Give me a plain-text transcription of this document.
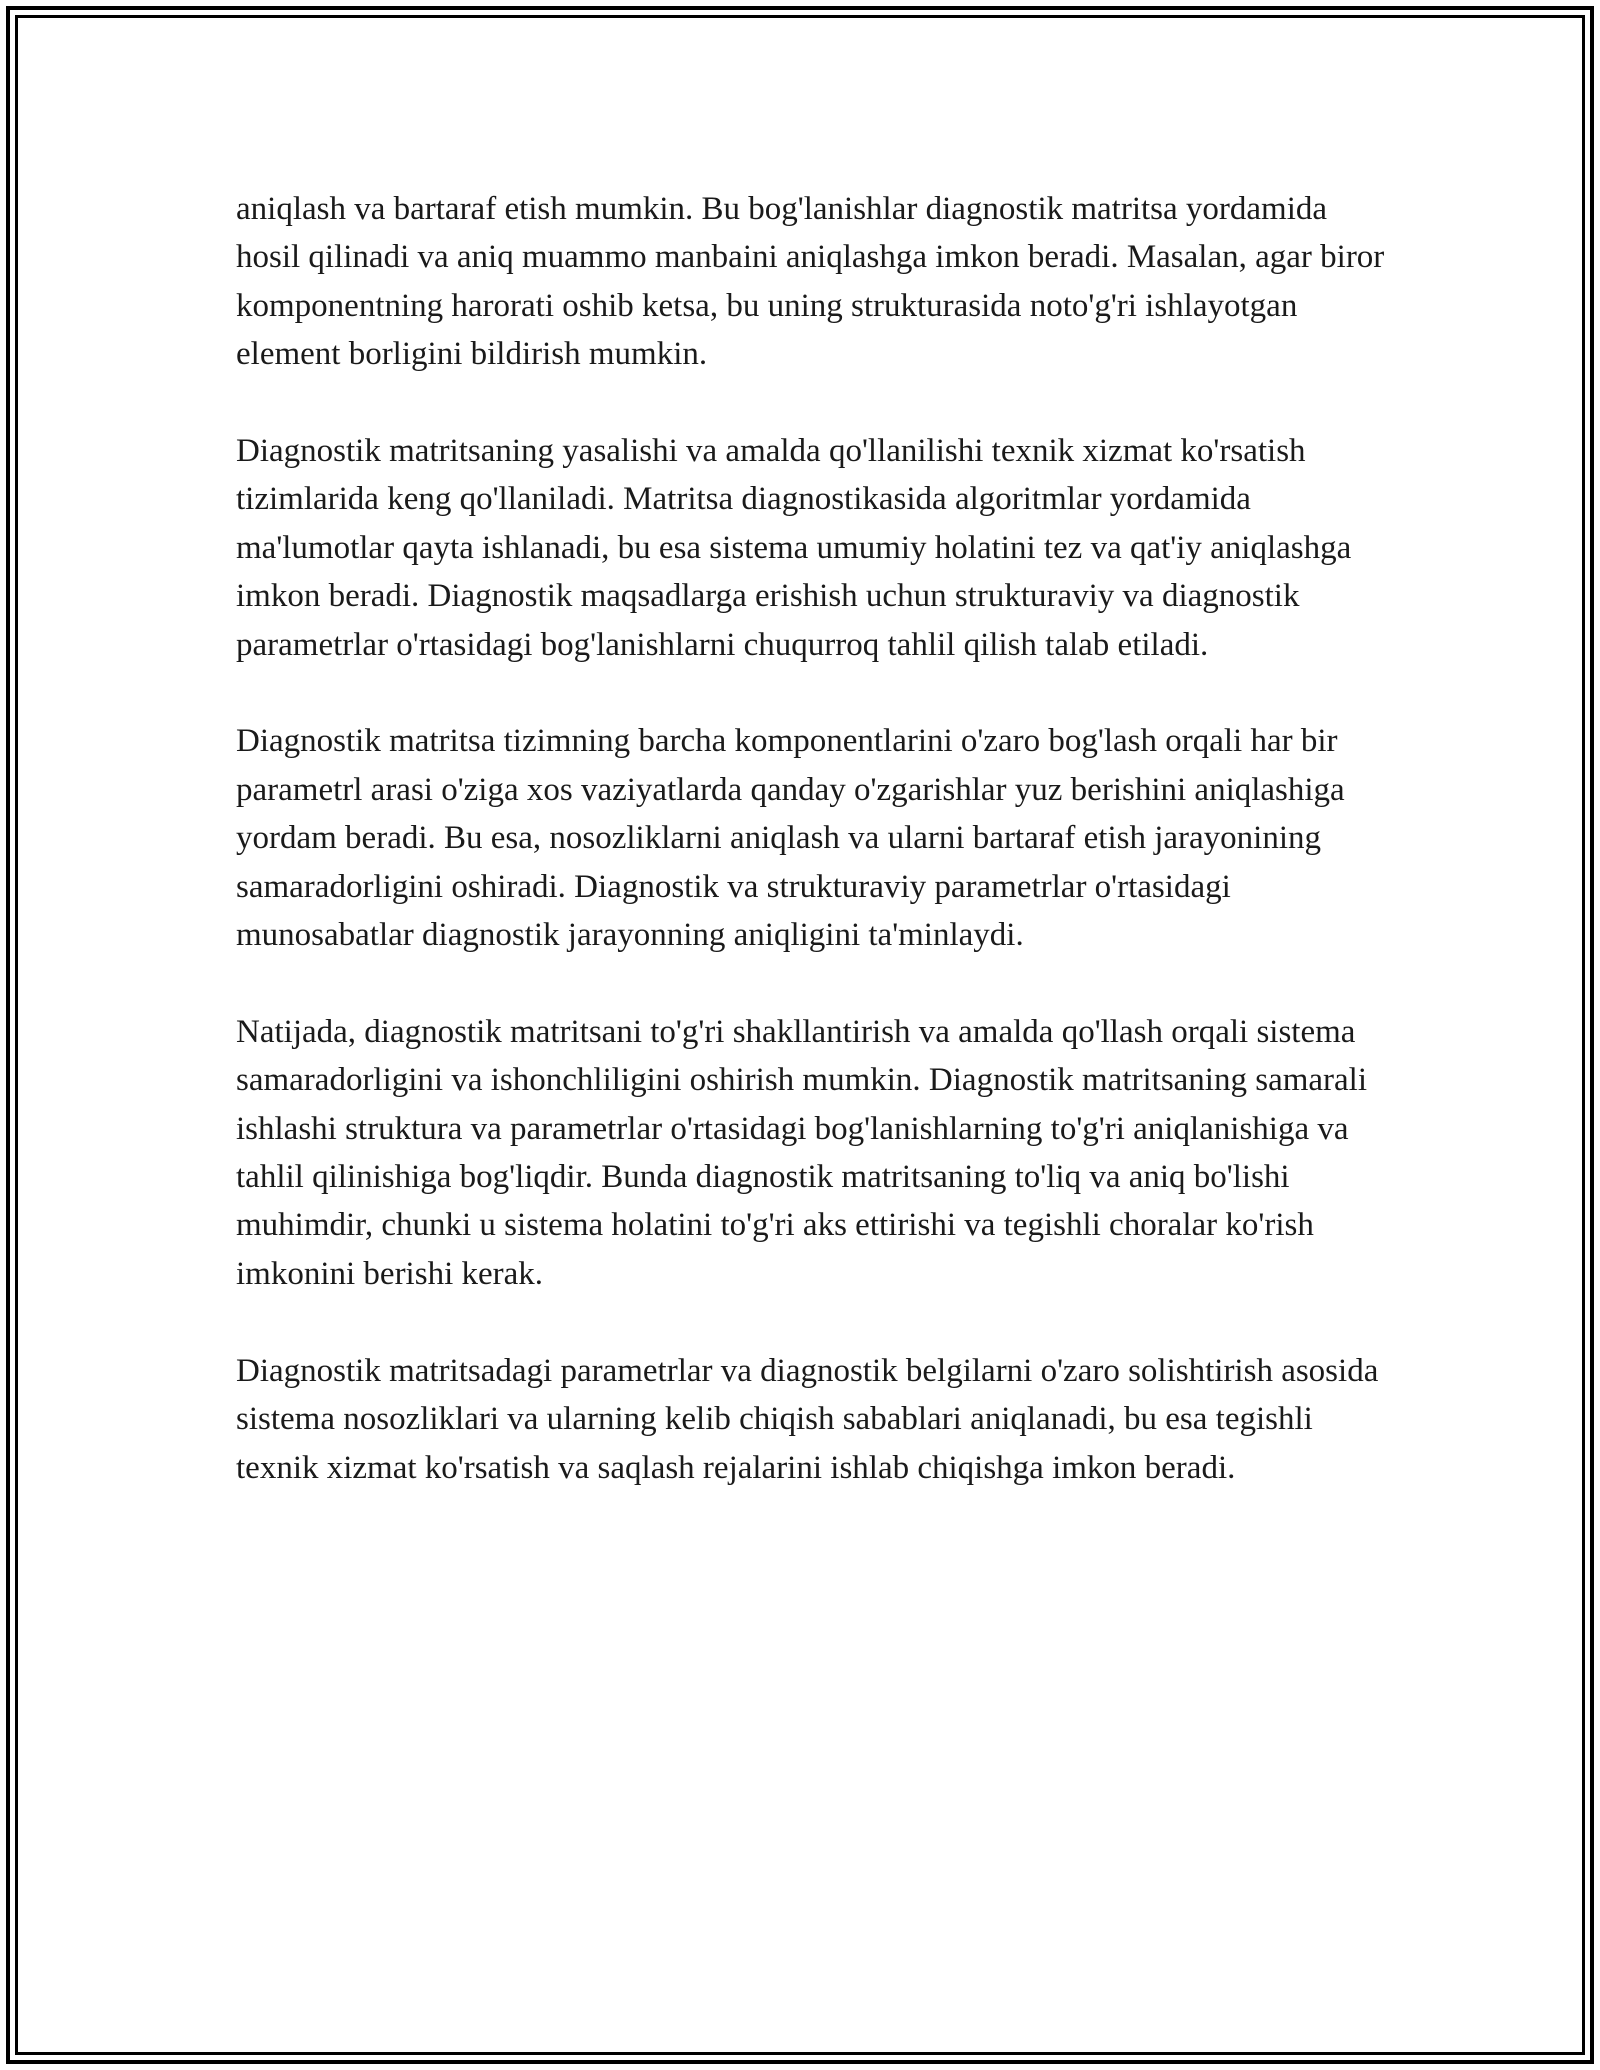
aniqlash va bartaraf etish mumkin. Bu bog'lanishlar diagnostik matritsa yordamida hosil qilinadi va aniq muammo manbaini aniqlashga imkon beradi. Masalan, agar biror komponentning harorati oshib ketsa, bu uning strukturasida noto'g'ri ishlayotgan element borligini bildirish mumkin.

Diagnostik matritsaning yasalishi va amalda qo'llanilishi texnik xizmat ko'rsatish tizimlarida keng qo'llaniladi. Matritsa diagnostikasida algoritmlar yordamida ma'lumotlar qayta ishlanadi, bu esa sistema umumiy holatini tez va qat'iy aniqlashga imkon beradi. Diagnostik maqsadlarga erishish uchun strukturaviy va diagnostik parametrlar o'rtasidagi bog'lanishlarni chuqurroq tahlil qilish talab etiladi.

Diagnostik matritsa tizimning barcha komponentlarini o'zaro bog'lash orqali har bir parametrl arasi o'ziga xos vaziyatlarda qanday o'zgarishlar yuz berishini aniqlashiga yordam beradi. Bu esa, nosozliklarni aniqlash va ularni bartaraf etish jarayonining samaradorligini oshiradi. Diagnostik va strukturaviy parametrlar o'rtasidagi munosabatlar diagnostik jarayonning aniqligini ta'minlaydi.

Natijada, diagnostik matritsani to'g'ri shakllantirish va amalda qo'llash orqali sistema samaradorligini va ishonchliligini oshirish mumkin. Diagnostik matritsaning samarali ishlashi struktura va parametrlar o'rtasidagi bog'lanishlarning to'g'ri aniqlanishiga va tahlil qilinishiga bog'liqdir. Bunda diagnostik matritsaning to'liq va aniq bo'lishi muhimdir, chunki u sistema holatini to'g'ri aks ettirishi va tegishli choralar ko'rish imkonini berishi kerak.

Diagnostik matritsadagi parametrlar va diagnostik belgilarni o'zaro solishtirish asosida sistema nosozliklari va ularning kelib chiqish sabablari aniqlanadi, bu esa tegishli texnik xizmat ko'rsatish va saqlash rejalarini ishlab chiqishga imkon beradi.
